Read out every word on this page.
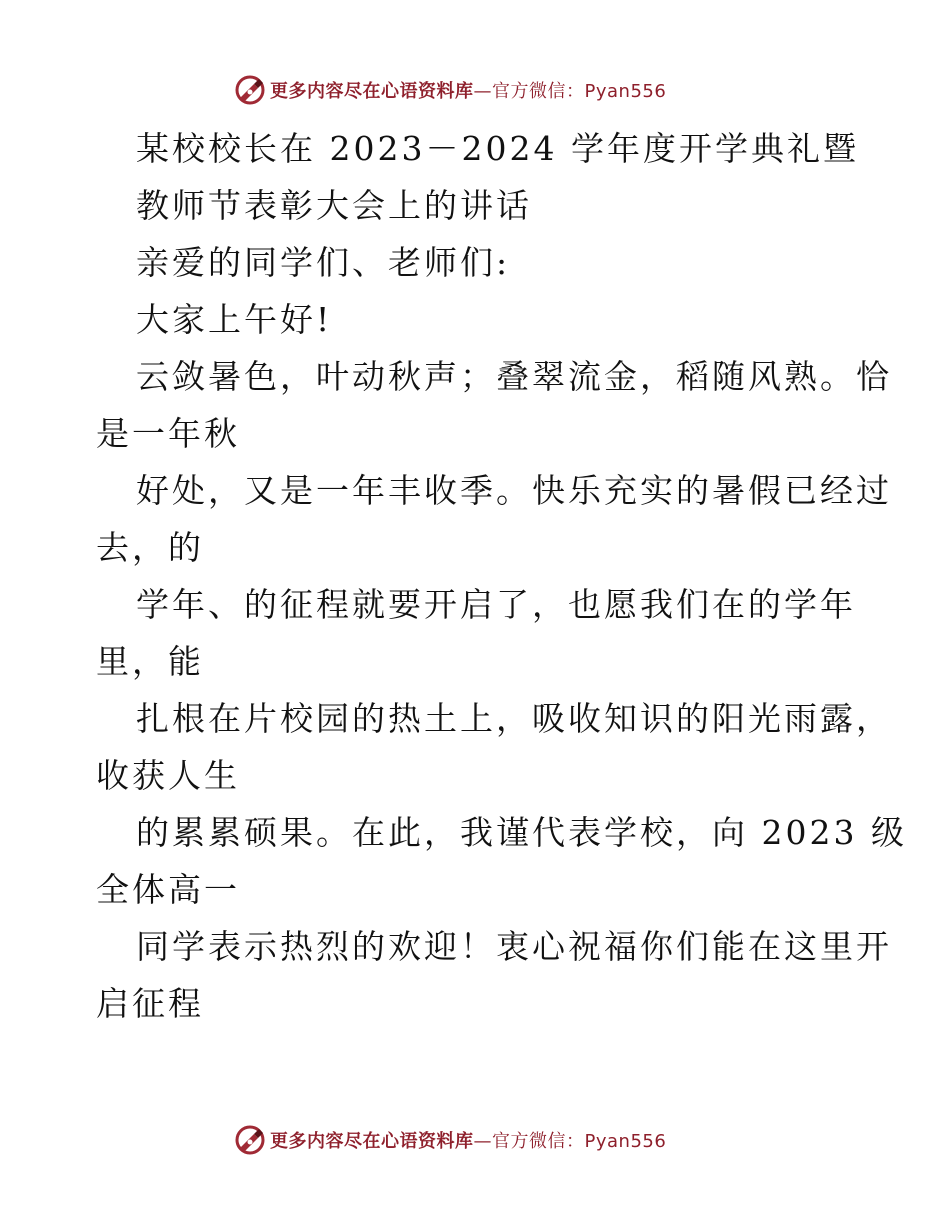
更多内容尽在心语资料库—官方微信：Pyan556
某校校长在 2023－2024 学年度开学典礼暨
教师节表彰大会上的讲话
亲爱的同学们、老师们:
大家上午好!
云敛暑色，叶动秋声；叠翠流金，稻随风熟。恰
是一年秋
好处，又是一年丰收季。快乐充实的暑假已经过
去，的
学年、的征程就要开启了，也愿我们在的学年
里，能
扎根在片校园的热土上，吸收知识的阳光雨露，
收获人生
的累累硕果。在此，我谨代表学校，向 2023 级
全体高一
同学表示热烈的欢迎！衷心祝福你们能在这里开
启征程
更多内容尽在心语资料库—官方微信：Pyan556
